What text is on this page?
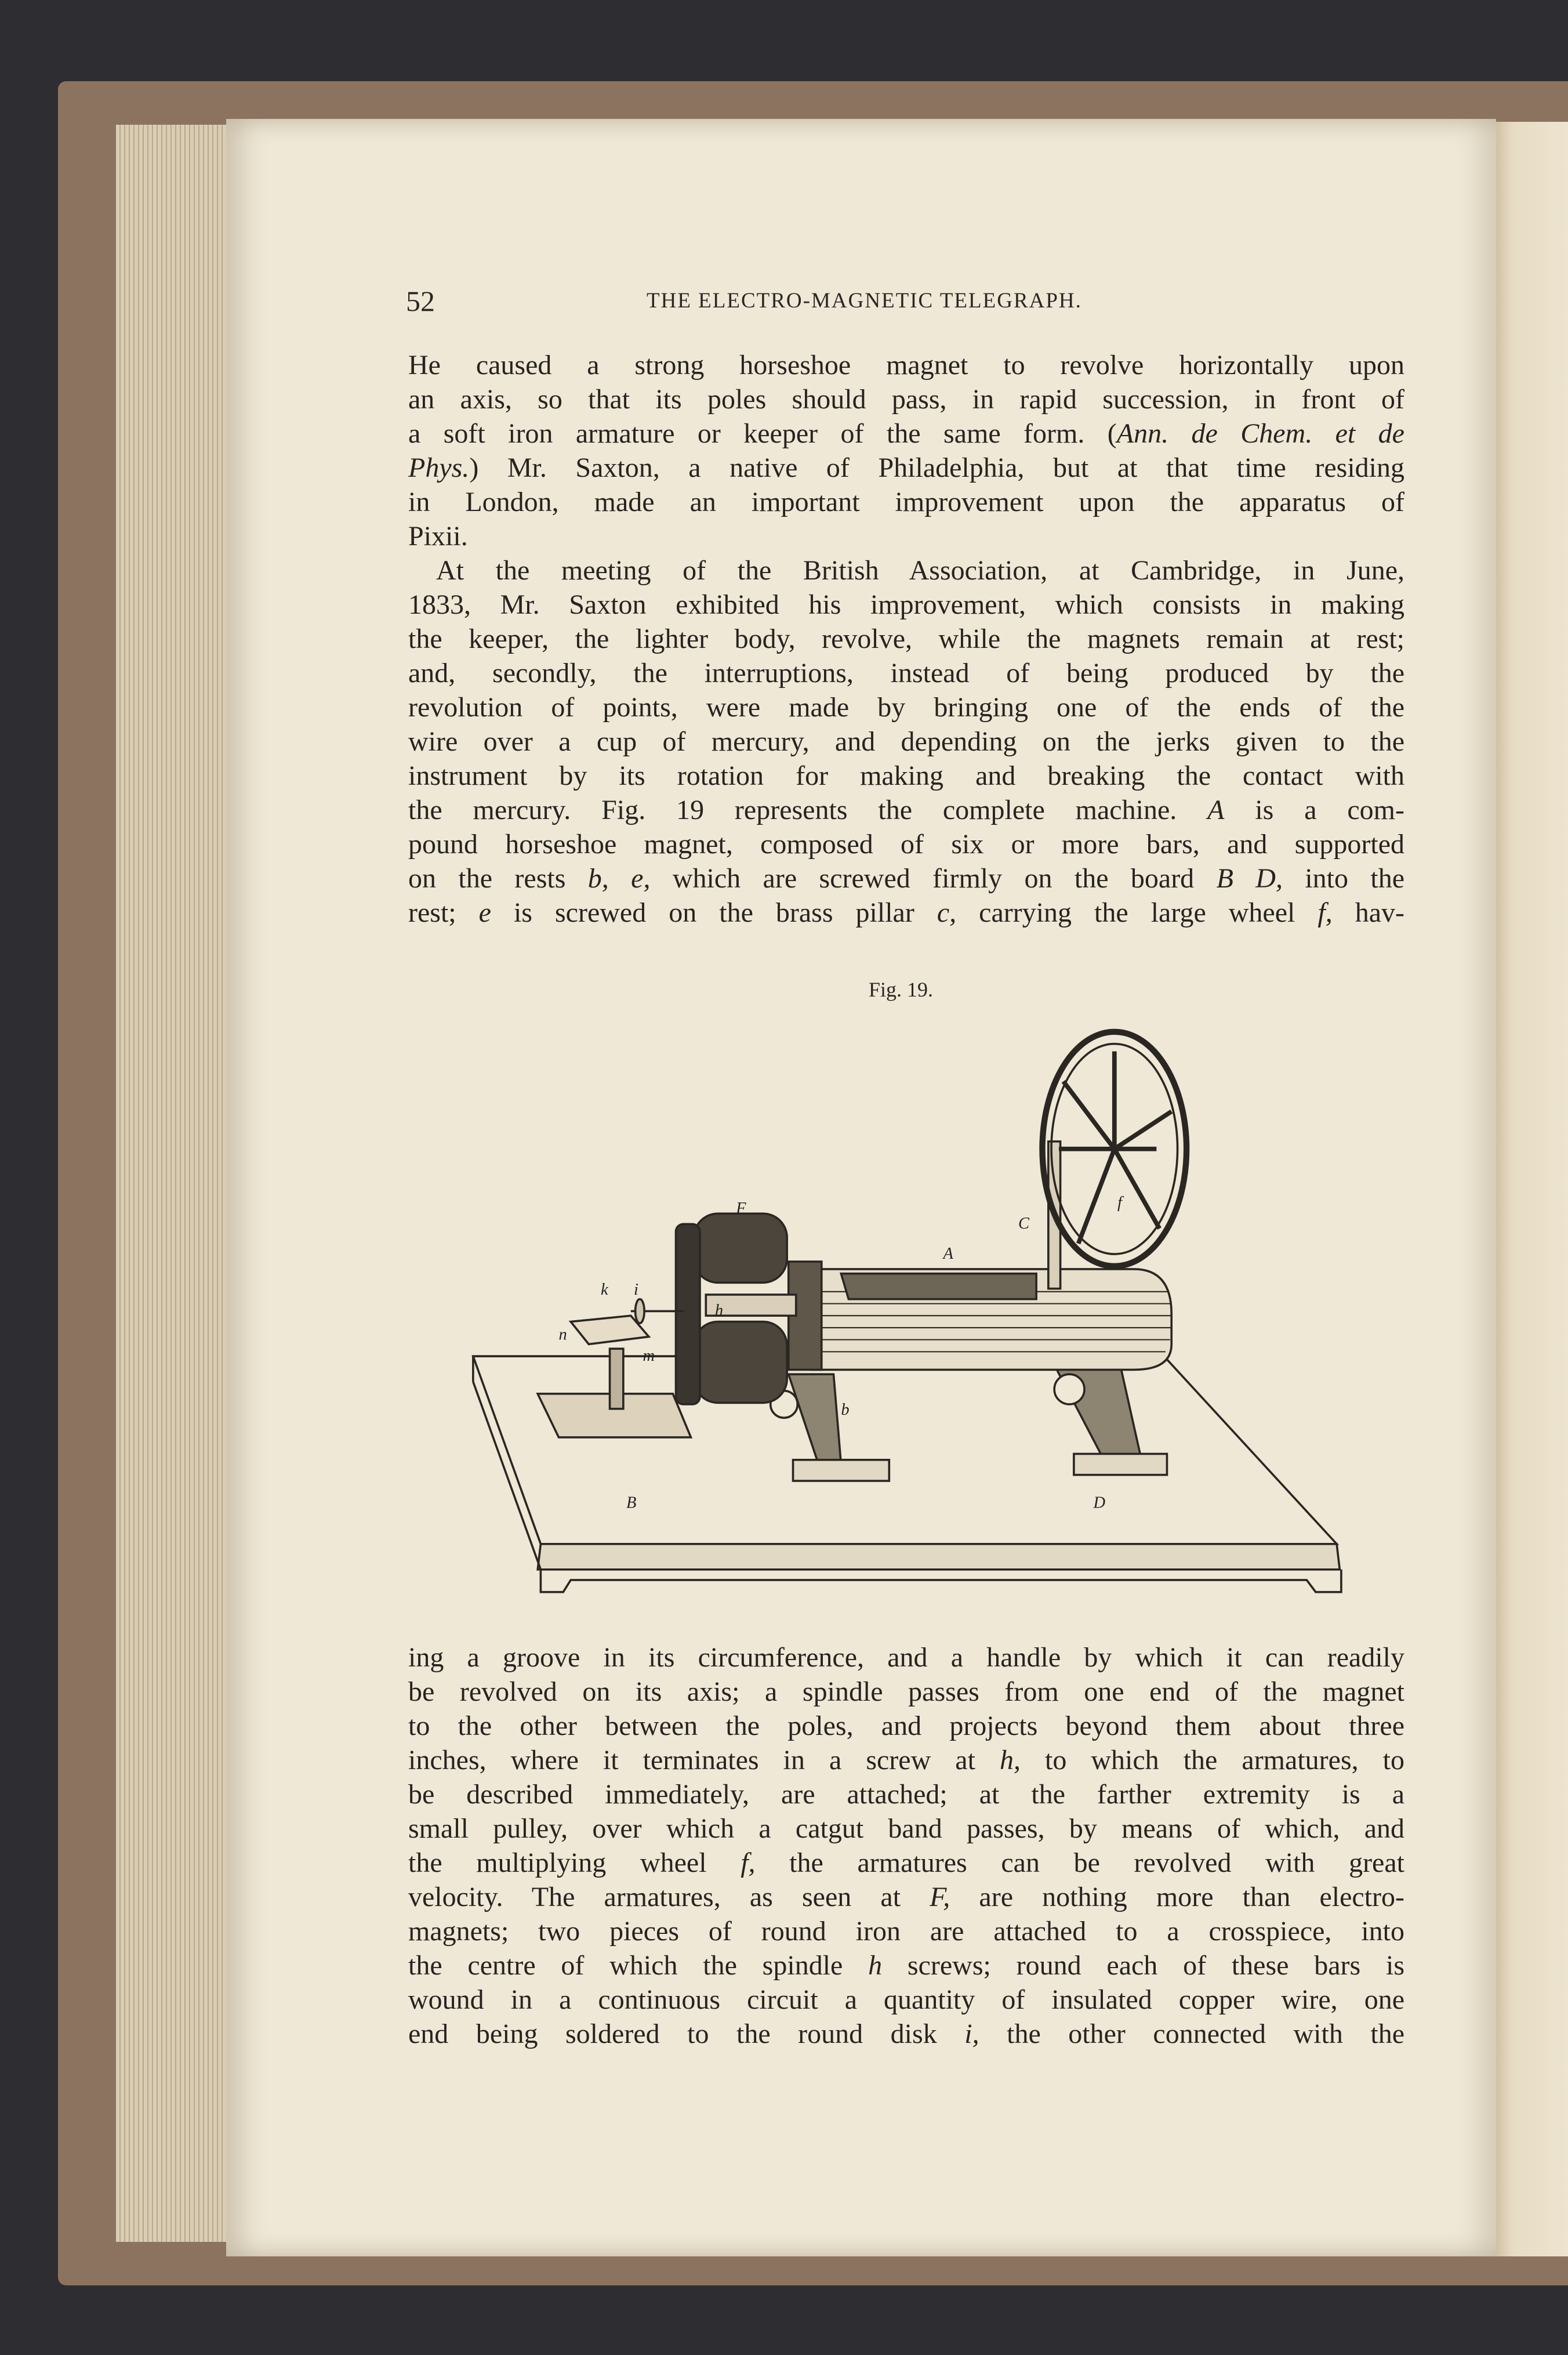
52	THE ELECTRO-MAGNETIC TELEGRAPH.
He caused a strong horseshoe magnet to revolve horizontally upon
an axis, so that its poles should pass, in rapid succession, in front of
a soft iron armature or keeper of the same form. (Ann. de Chem. et de
Phys.) Mr. Saxton, a native of Philadelphia, but at that time residing
in London, made an important improvement upon the apparatus of
Pixii.
At the meeting of the British Association, at Cambridge, in June,
1833, Mr. Saxton exhibited his improvement, which consists in making
the keeper, the lighter body, revolve, while the magnets remain at rest;
and, secondly, the interruptions, instead of being produced by the
revolution of points, were made by bringing one of the ends of the
wire over a cup of mercury, and depending on the jerks given to the
instrument by its rotation for making and breaking the contact with
the mercury. Fig. 19 represents the complete machine. A is a com-
pound horseshoe magnet, composed of six or more bars, and supported
on the rests b, e, which are screwed firmly on the board B D, into the
rest; e is screwed on the brass pillar c, carrying the large wheel f, hav-
Fig. 19.
F
A
C
f
k	i
h
m
n
b
B	D
ing a groove in its circumference, and a handle by which it can readily
be revolved on its axis; a spindle passes from one end of the magnet
to the other between the poles, and projects beyond them about three
inches, where it terminates in a screw at h, to which the armatures, to
be described immediately, are attached; at the farther extremity is a
small pulley, over which a catgut band passes, by means of which, and
the multiplying wheel f, the armatures can be revolved with great
velocity. The armatures, as seen at F, are nothing more than electro-
magnets; two pieces of round iron are attached to a crosspiece, into
the centre of which the spindle h screws; round each of these bars is
wound in a continuous circuit a quantity of insulated copper wire, one
end being soldered to the round disk i, the other connected with the
